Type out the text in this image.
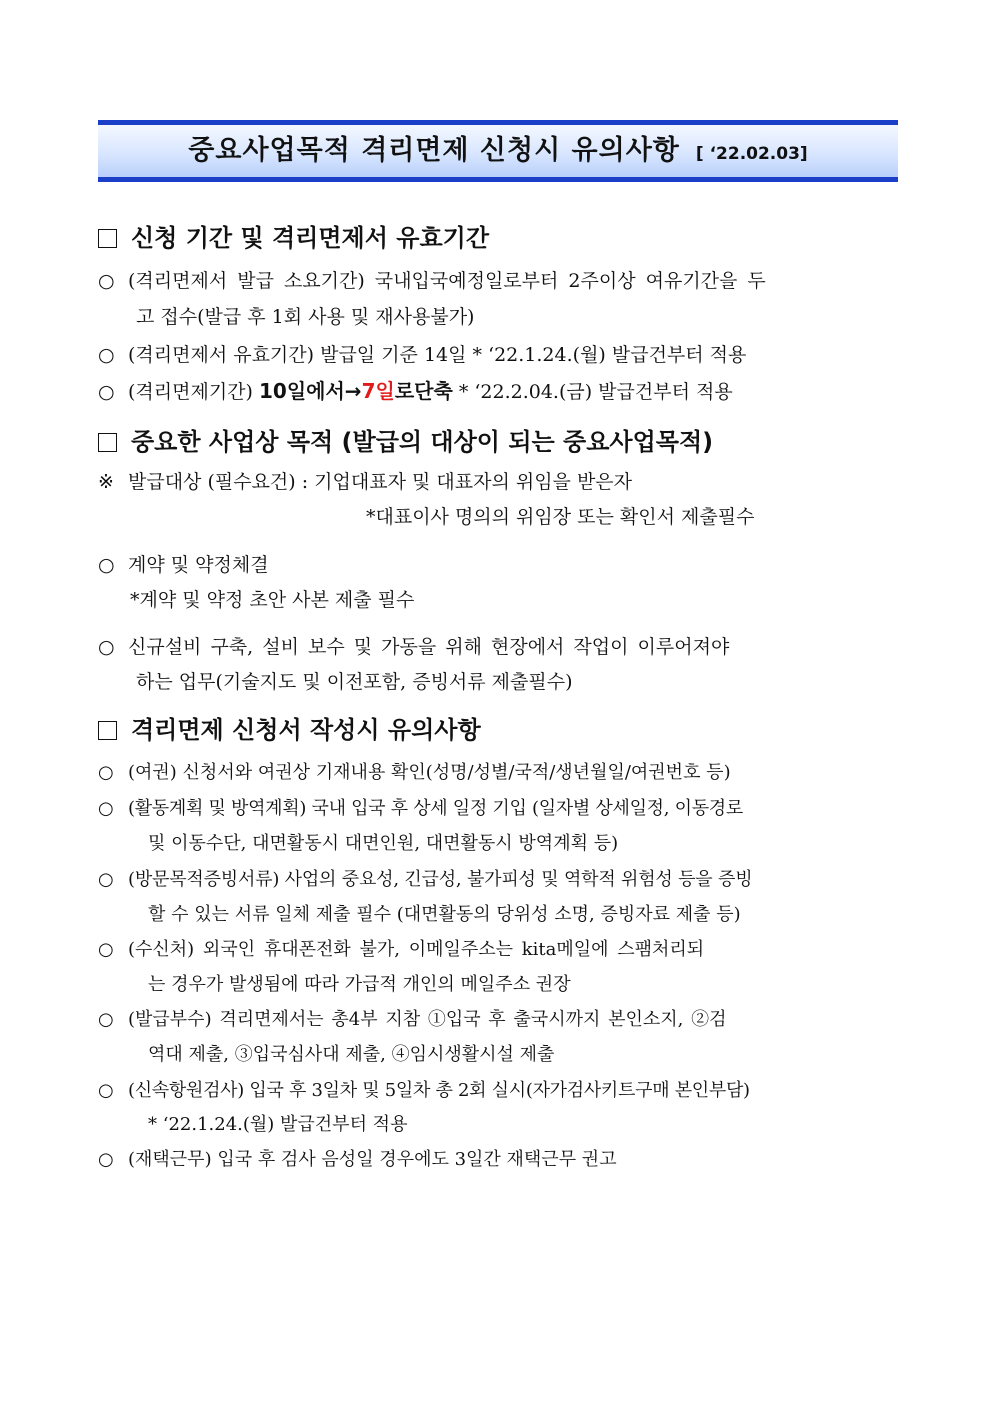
중요사업목적 격리면제 신청시 유의사항 [ ‘22.02.03]
신청 기간 및 격리면제서 유효기간
○ (격리면제서 발급 소요기간) 국내입국예정일로부터 2주이상 여유기간을 두
고 접수(발급 후 1회 사용 및 재사용불가)
○ (격리면제서 유효기간) 발급일 기준 14일 * ‘22.1.24.(월) 발급건부터 적용
○ (격리면제기간) 10일에서→7일로단축 * ‘22.2.04.(금) 발급건부터 적용
중요한 사업상 목적 (발급의 대상이 되는 중요사업목적)
※ 발급대상 (필수요건) : 기업대표자 및 대표자의 위임을 받은자
*대표이사 명의의 위임장 또는 확인서 제출필수
○ 계약 및 약정체결
*계약 및 약정 초안 사본 제출 필수
○ 신규설비 구축, 설비 보수 및 가동을 위해 현장에서 작업이 이루어져야
하는 업무(기술지도 및 이전포함, 증빙서류 제출필수)
격리면제 신청서 작성시 유의사항
○ (여권) 신청서와 여권상 기재내용 확인(성명/성별/국적/생년월일/여권번호 등)
○ (활동계획 및 방역계획) 국내 입국 후 상세 일정 기입 (일자별 상세일정, 이동경로
및 이동수단, 대면활동시 대면인원, 대면활동시 방역계획 등)
○ (방문목적증빙서류) 사업의 중요성, 긴급성, 불가피성 및 역학적 위험성 등을 증빙
할 수 있는 서류 일체 제출 필수 (대면활동의 당위성 소명, 증빙자료 제출 등)
○ (수신처) 외국인 휴대폰전화 불가, 이메일주소는 kita메일에 스팸처리되
는 경우가 발생됨에 따라 가급적 개인의 메일주소 권장
○ (발급부수) 격리면제서는 총4부 지참 ①입국 후 출국시까지 본인소지, ②검
역대 제출, ③입국심사대 제출, ④임시생활시설 제출
○ (신속항원검사) 입국 후 3일차 및 5일차 총 2회 실시(자가검사키트구매 본인부담)
* ‘22.1.24.(월) 발급건부터 적용
○ (재택근무) 입국 후 검사 음성일 경우에도 3일간 재택근무 권고
